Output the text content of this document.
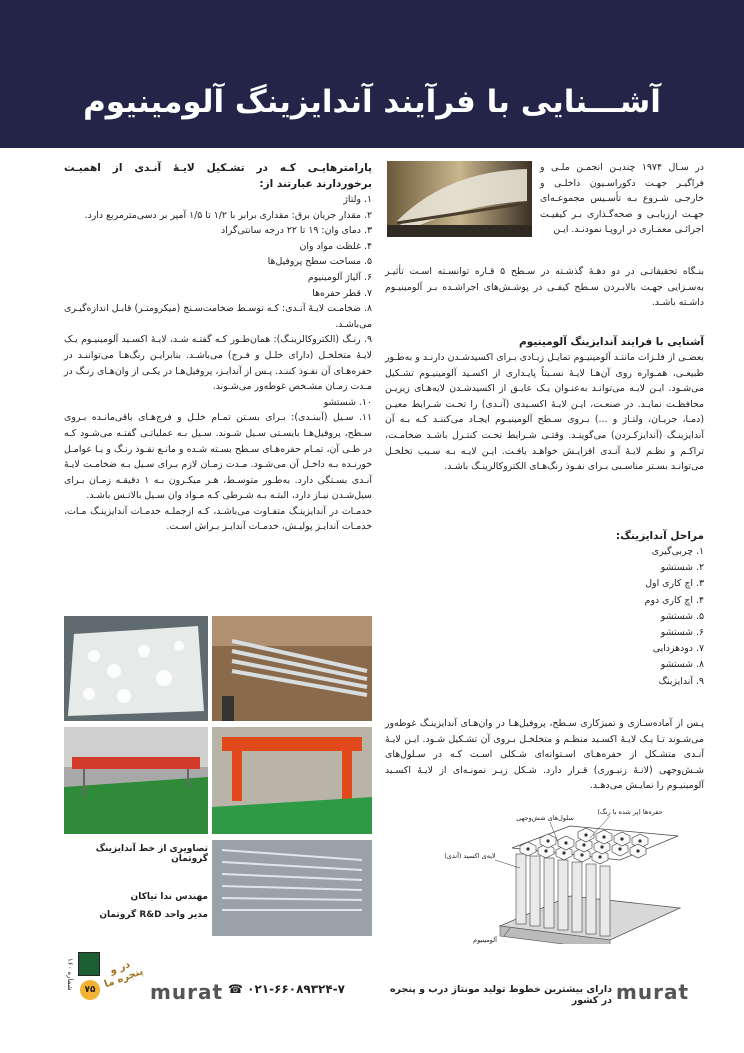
آشـــنایی با فرآیند آندایزینگ آلومینیوم

در سـال ۱۹۷۴ چندیـن انجمـن ملـی و فراگیـر جهـت دکوراسـیون داخلـی و خارجـی شـروع بـه تأسـیس مجموعـه‌ای جهـت ارزیابـی و صحه‌گـذاری بـر کیفیـت اجرائـی معمـاری در اروپـا نمودنـد. ایـن

بنـگاه تحقیقاتـی در دو دهـهٔ گذشـته در سـطح ۵ قـاره توانسـته اسـت تأثیـر به‌سـزایی جهـت بالابـردن سـطح کیفـی در پوشـش‌های اجراشـده بـر آلومینیـوم داشـته باشـد.

آشنایی با فرایند آندایزینگ آلومینیوم

بعضـی از فلـزات ماننـد آلومینیـوم تمایـل زیـادی بـرای اکسیدشـدن دارنـد و به‌طـور طبیعـی، همـواره روی آن‌هـا لایـهٔ نسـبتاً پایـداری از اکسـید آلومینیـوم تشـکیل می‌شـود. ایـن لایـه می‌توانـد به‌عنـوان یـک عایـق از اکسیدشـدن لایه‌هـای زیریـن محافظـت نمایـد. در صنعـت، ایـن لایـهٔ اکسـیدی (آنـدی) را تحـت شـرایط معیـن (دمـا، جریـان، ولتـاژ و ...) بـروی سـطح آلومینیـوم ایجـاد می‌کننـد کـه بـه آن آندایزینـگ (آندایزکـردن) می‌گوینـد. وقتـی شـرایط تحـت کنتـرل باشـد ضخامـت، تراکـم و نظـم لایـهٔ آنـدی افزایـش خواهـد یافـت. ایـن لایـه بـه سـبب تخلخـل می‌توانـد بسـتر مناسـبی بـرای نفـوذ رنگ‌هـای الکتروکالرینـگ باشـد.

مراحل آندایزینگ:

۱. چربی‌گیری
۲. شستشو
۳. اچ کاری اول
۴. اچ کاری دوم
۵. شستشو
۶. شستشو
۷. دودهزدایی
۸. شستشو
۹. آندایزینگ

پـس از آماده‌سـازی و تمیزکاری سـطح، پروفیل‌هـا در وان‌هـای آندایزینـگ غوطه‌ور می‌شـوند تـا یـک لایـهٔ اکسـید منظـم و متخلخـل بـروی آن تشـکیل شـود. ایـن لایـهٔ آنـدی متشـکل از حفره‌هـای اسـتوانه‌ای شـکلی اسـت کـه در سـلول‌های شـش‌وجهی (لانـهٔ زنبـوری) قـرار دارد. شـکل زیـر نمونـه‌ای از لایـهٔ اکسـید آلومینیـوم را نمایـش می‌دهـد.

حفره‌ها (پر شده با رنگ)
سلول‌های شش‌وجهی
لایه‌ی اکسید (آندی)
آلومینیوم

پارامترهایـی کـه در تشـکیل لایـهٔ آنـدی از اهمیـت برخوردارند عبارتند از:

۱. ولتاژ
۲. مقدار جریان برق: مقداری برابر با ۱/۲ تا ۱/۵ آمپر بر دسی‌مترمربع دارد.
۳. دمای وان: ۱۹ تا ۲۲ درجه سانتی‌گراد
۴. غلظت مواد وان
۵. مساحت سطح پروفیل‌ها
۶. آلیاژ آلومینیوم
۷. قطر حفره‌ها
۸. ضخامـت لایـهٔ آنـدی: کـه توسـط ضخامت‌سـنج (میکرومتـر) قابـل اندازه‌گیـری می‌باشـد.
۹. رنـگ (الکتروکالرینـگ): همان‌طـور کـه گفتـه شـد، لایـهٔ اکسـید آلومینیـوم یـک لایـهٔ متخلخـل (دارای خلـل و فـرج) می‌باشـد. بنابرایـن رنگ‌هـا می‌تواننـد در حفره‌هـای آن نفـوذ کننـد. پـس از آندایـز، پروفیل‌هـا در یکـی از وان‌هـای رنـگ در مـدت زمـان مشـخص غوطه‌ور می‌شـوند.
۱۰. شستشو
۱۱. سـیل (آببنـدی): بـرای بسـتن تمـام خلـل و فرج‌هـای باقی‌مانـده بـروی سـطح، پروفیل‌هـا بایسـتی سـیل شـوند. سـیل بـه عملیاتـی گفتـه می‌شـود کـه در طـی آن، تمـام حفره‌هـای سـطح بسـته شـده و مانـع نفـوذ رنـگ و یـا عوامـل خورنـده بـه داخـل آن می‌شـود. مـدت زمـان لازم بـرای سـیل بـه ضخامـت لایـهٔ آنـدی بسـتگی دارد. به‌طـور متوسـط، هـر میکـرون بـه ۱ دقیقـه زمـان بـرای سیل‌شـدن نیـاز دارد، البتـه بـه شـرطی کـه مـواد وان سـیل بالاتـس باشـد.

خدمـات در آندایزینـگ متفـاوت می‌باشـد، کـه ازجملـه خدمـات آندایزینـگ مـات، خدمـات آندایـز پولیـش، خدمـات آندایـز بـراش اسـت.

تصاویری از خط آندایزینگ گروتمان
مهندس ندا تیاکان
مدیر واحد R&D گروتمان
murat
دارای بیشترین خطوط تولید مونتاژ درب و پنجره در کشور
☎ ۰۲۱-۶۶۰۸۹۳۲۴-۷
murat
۷۵
در و پنجره ما
شماره ۱۶۰
